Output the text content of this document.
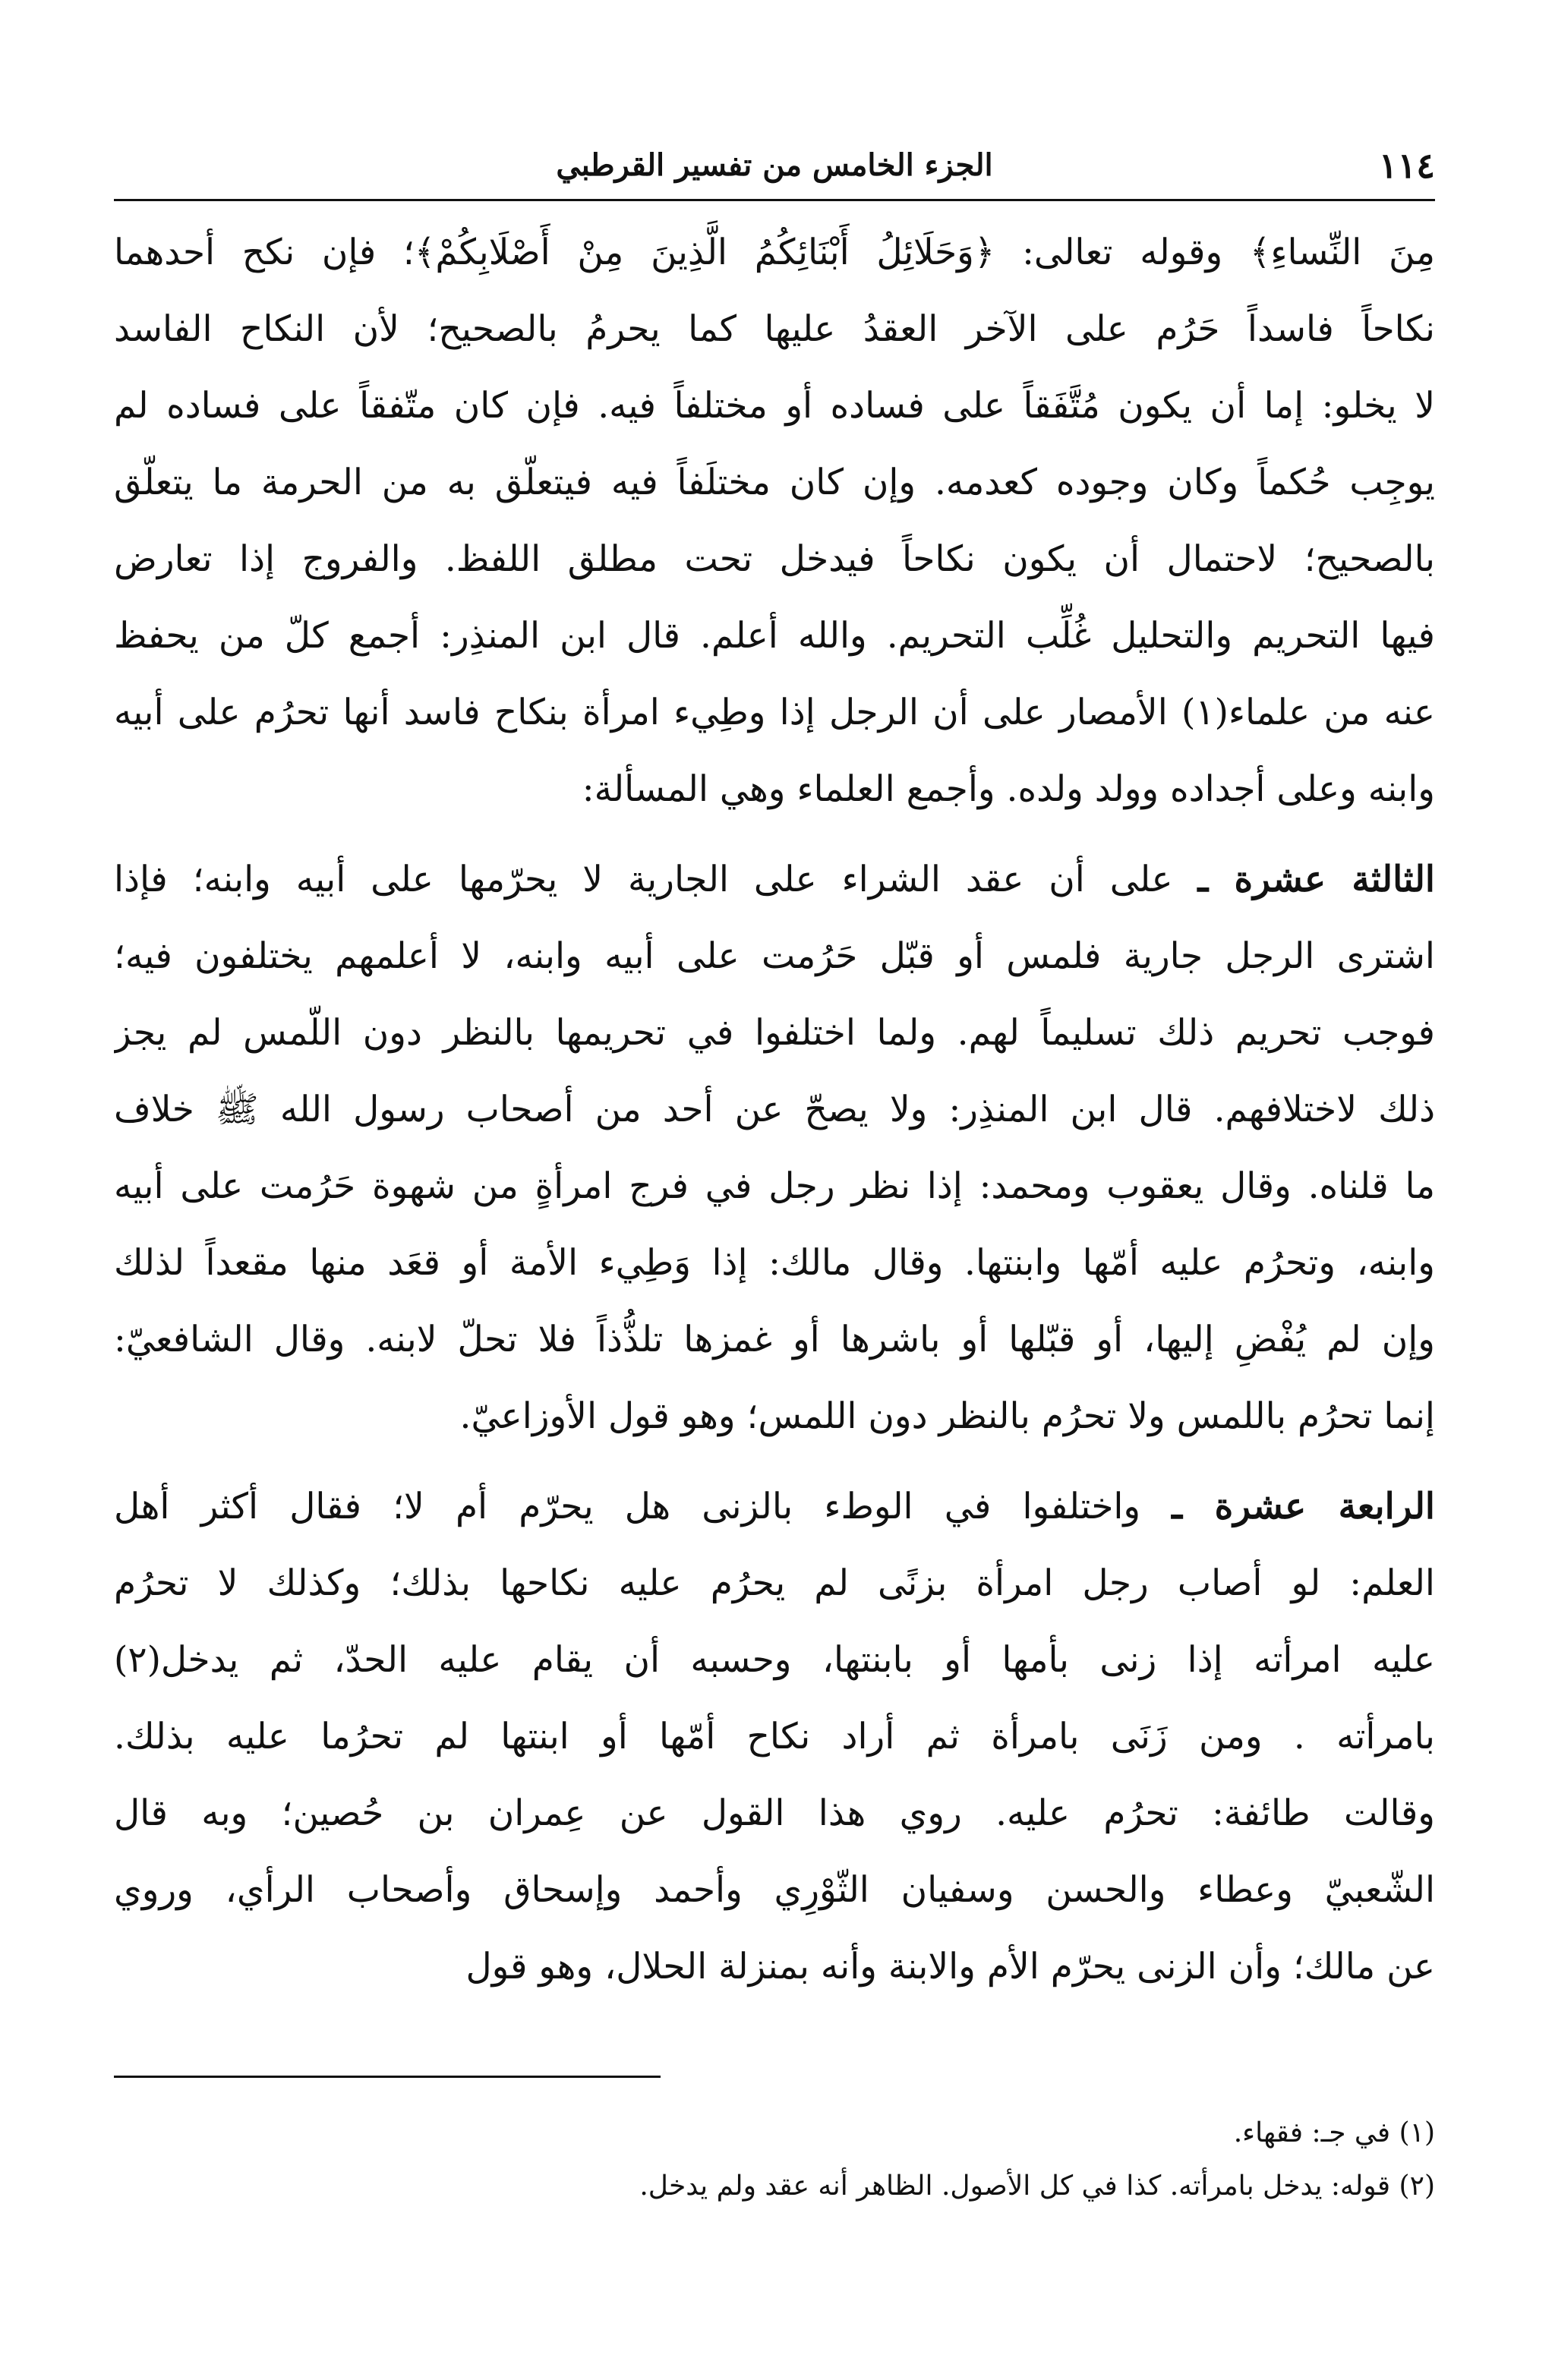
١١٤
الجزء الخامس من تفسير القرطبي
مِنَ النِّساءِ﴾ وقوله تعالى: ﴿وَحَلَائِلُ أَبْنَائِكُمُ الَّذِينَ مِنْ أَصْلَابِكُمْ﴾؛ فإن نكح أحدهما
نكاحاً فاسداً حَرُم على الآخر العقدُ عليها كما يحرمُ بالصحيح؛ لأن النكاح الفاسد
لا يخلو: إما أن يكون مُتَّفَقاً على فساده أو مختلفاً فيه. فإن كان متّفقاً على فساده لم
يوجِب حُكماً وكان وجوده كعدمه. وإن كان مختلَفاً فيه فيتعلّق به من الحرمة ما يتعلّق
بالصحيح؛ لاحتمال أن يكون نكاحاً فيدخل تحت مطلق اللفظ. والفروج إذا تعارض
فيها التحريم والتحليل غُلِّب التحريم. والله أعلم. قال ابن المنذِر: أجمع كلّ من يحفظ
عنه من علماء(١) الأمصار على أن الرجل إذا وطِيء امرأة بنكاح فاسد أنها تحرُم على أبيه
وابنه وعلى أجداده وولد ولده. وأجمع العلماء وهي المسألة:
الثالثة عشرة ـ على أن عقد الشراء على الجارية لا يحرّمها على أبيه وابنه؛ فإذا
اشترى الرجل جارية فلمس أو قبّل حَرُمت على أبيه وابنه، لا أعلمهم يختلفون فيه؛
فوجب تحريم ذلك تسليماً لهم. ولما اختلفوا في تحريمها بالنظر دون اللّمس لم يجز
ذلك لاختلافهم. قال ابن المنذِر: ولا يصحّ عن أحد من أصحاب رسول الله ﷺ خلاف
ما قلناه. وقال يعقوب ومحمد: إذا نظر رجل في فرج امرأةٍ من شهوة حَرُمت على أبيه
وابنه، وتحرُم عليه أمّها وابنتها. وقال مالك: إذا وَطِيء الأمة أو قعَد منها مقعداً لذلك
وإن لم يُفْضِ إليها، أو قبّلها أو باشرها أو غمزها تلذُّذاً فلا تحلّ لابنه. وقال الشافعيّ:
إنما تحرُم باللمس ولا تحرُم بالنظر دون اللمس؛ وهو قول الأوزاعيّ.
الرابعة عشرة ـ واختلفوا في الوطء بالزنى هل يحرّم أم لا؛ فقال أكثر أهل
العلم: لو أصاب رجل امرأة بزنًى لم يحرُم عليه نكاحها بذلك؛ وكذلك لا تحرُم
عليه امرأته إذا زنى بأمها أو بابنتها، وحسبه أن يقام عليه الحدّ، ثم يدخل(٢)
بامرأته . ومن زَنَى بامرأة ثم أراد نكاح أمّها أو ابنتها لم تحرُما عليه بذلك.
وقالت طائفة: تحرُم عليه. روي هذا القول عن عِمران بن حُصين؛ وبه قال
الشّعبيّ وعطاء والحسن وسفيان الثّوْرِي وأحمد وإسحاق وأصحاب الرأي، وروي
عن مالك؛ وأن الزنى يحرّم الأم والابنة وأنه بمنزلة الحلال، وهو قول
(١) في جـ: فقهاء.
(٢) قوله: يدخل بامرأته. كذا في كل الأصول. الظاهر أنه عقد ولم يدخل.
